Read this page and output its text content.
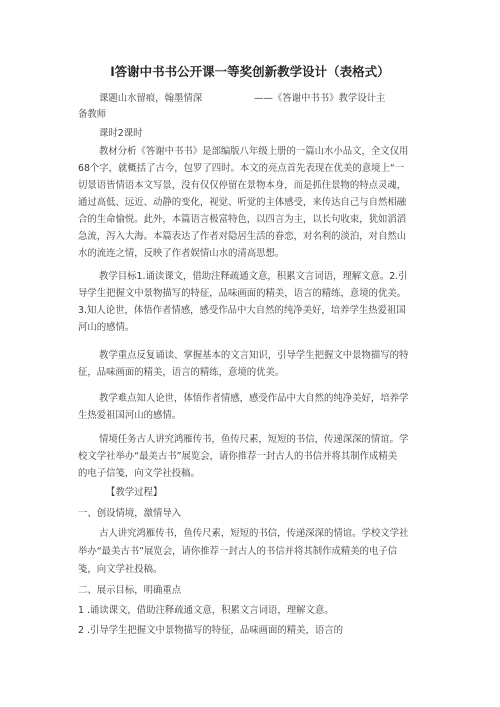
l答谢中书书公开课一等奖创新教学设计（表格式）
课题山水留痕，翰墨情深	——《答谢中书书》教学设计主
备教师
课时2课时
教材分析《答谢中书书》是部编版八年级上册的一篇山水小品文，全文仅用
68个字，就概括了古今，包罗了四时。本文的亮点首先表现在优美的意境上“一
切景语皆情语本文写景，没有仅仅停留在景物本身，而是抓住景物的特点灵魂，
通过高低、远近、动静的变化，视觉、听觉的主体感受，来传达自己与自然相融
合的生命愉悦。此外，本篇语言极富特色，以四言为主，以长句收束，犹如滔滔
急流，泻入大海。本篇表达了作者对隐居生活的眷恋，对名利的淡泊，对自然山
水的流连之情，反映了作者娱情山水的清高思想。
教学目标1.诵读课文，借助注释疏通文意，积累文言词语，理解文意。2.引
导学生把握文中景物描写的特征，品味画面的精美，语言的精练，意境的优美。
3.知人论世，体悟作者情感，感受作品中大自然的纯净美好，培养学生热爱祖国
河山的感情。
教学重点反复诵读、掌握基本的文言知识，引导学生把握文中景物描写的特
征，品味画面的精美，语言的精练，意境的优美。
教学难点知人论世，体悟作者情感，感受作品中大自然的纯净美好，培养学
生热爱祖国河山的感情。
情境任务古人讲究鸿雁传书，鱼传尺素，短短的书信，传递深深的情谊。学
校文学社举办“最美古书”展览会，请你推荐一封古人的书信并将其制作成精美
的电子信笺，向文学社投稿。
【教学过程】
一、创设情境，激情导入
古人讲究鸿雁传书，鱼传尺素，短短的书信，传递深深的情谊。学校文学社
举办“最美古书”展览会，请你推荐一封古人的书信并将其制作成精美的电子信
笺，向文学社投稿。
二、展示目标，明确重点
1 .诵读课文，借助注释疏通文意，积累文言词语，理解文意。
2 .引导学生把握文中景物描写的特征，品味画面的精美，语言的
